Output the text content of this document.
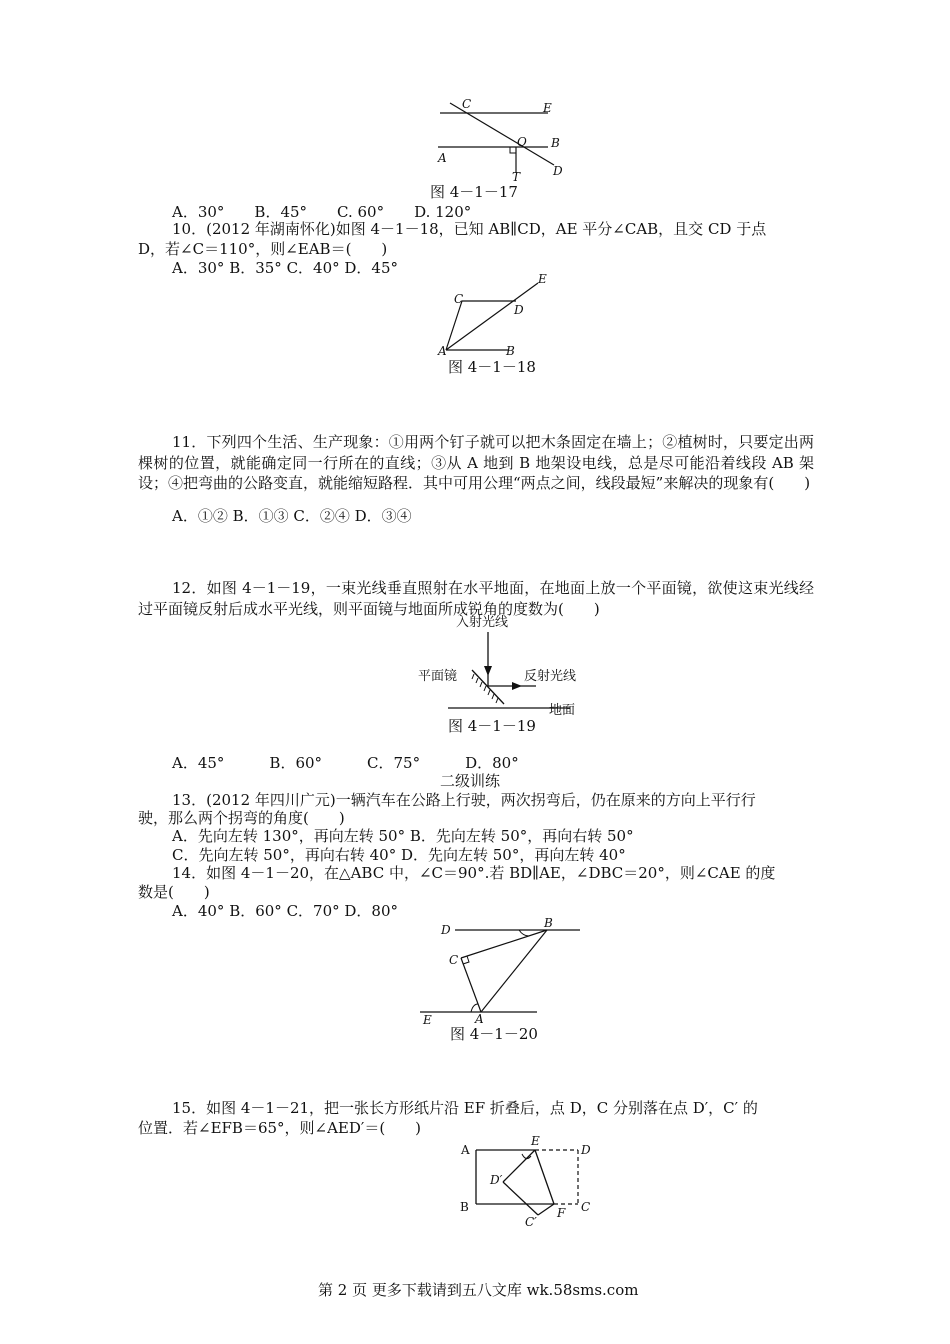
C	E
O B
A
D
T
图 4－1－17
A．30°　　B．45°　　C. 60°　　D. 120°
10．(2012 年湖南怀化)如图 4－1－18，已知 AB∥CD，AE 平分∠CAB，且交 CD 于点
D，若∠C＝110°，则∠EAB＝(　　)
A．30° B．35° C．40° D．45°
E
C
D
A	B
图 4－1－18
11．下列四个生活、生产现象：①用两个钉子就可以把木条固定在墙上；②植树时，只要定出两棵树的位置，就能确定同一行所在的直线；③从 A 地到 B 地架设电线，总是尽可能沿着线段 AB 架设；④把弯曲的公路变直，就能缩短路程．其中可用公理“两点之间，线段最短”来解决的现象有(　　)
A．①② B．①③ C．②④ D．③④
12．如图 4－1－19，一束光线垂直照射在水平地面，在地面上放一个平面镜，欲使这束光线经过平面镜反射后成水平光线，则平面镜与地面所成锐角的度数为(　　)
入射光线
平面镜	反射光线
地面
图 4－1－19
A．45°　　　B．60°　　　C．75°　　　D．80°
二级训练
13．(2012 年四川广元)一辆汽车在公路上行驶，两次拐弯后，仍在原来的方向上平行行
驶，那么两个拐弯的角度(　　)
A．先向左转 130°，再向左转 50° B．先向左转 50°，再向右转 50°
C．先向左转 50°，再向右转 40° D．先向左转 50°，再向左转 40°
14．如图 4－1－20，在△ABC 中，∠C＝90°.若 BD∥AE，∠DBC＝20°，则∠CAE 的度
数是(　　)
A．40° B．60° C．70° D．80°
D	B
C
E	A
图 4－1－20
15．如图 4－1－21，把一张长方形纸片沿 EF 折叠后，点 D，C 分别落在点 D′，C′ 的
位置．若∠EFB＝65°，则∠AED′＝(　　)
A
E
D
D′
B	C
F
C′
第 2 页 更多下载请到五八文库 wk.58sms.com
